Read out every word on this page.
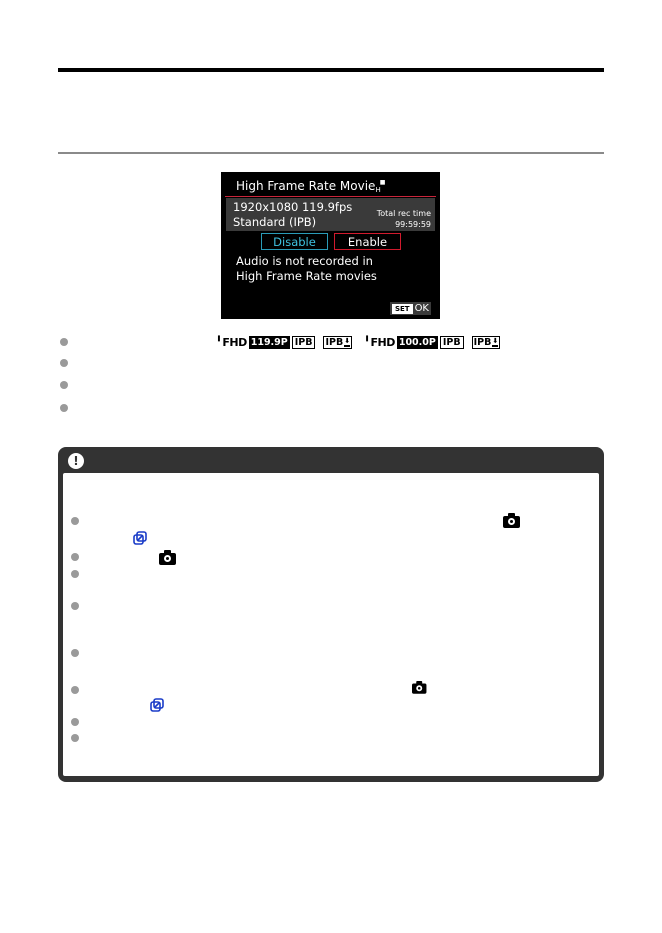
High Frame Rate Movie$_H$■
1920x1080 119.9fps
Standard (IPB)
Total rec time
99:59:59
Disable	Enable
Audio is not recorded in
High Frame Rate movies
SET OK
▌FHD 119.9P IPB	IPB ⬇	▌FHD 100.0P IPB	IPB ⬇
!
